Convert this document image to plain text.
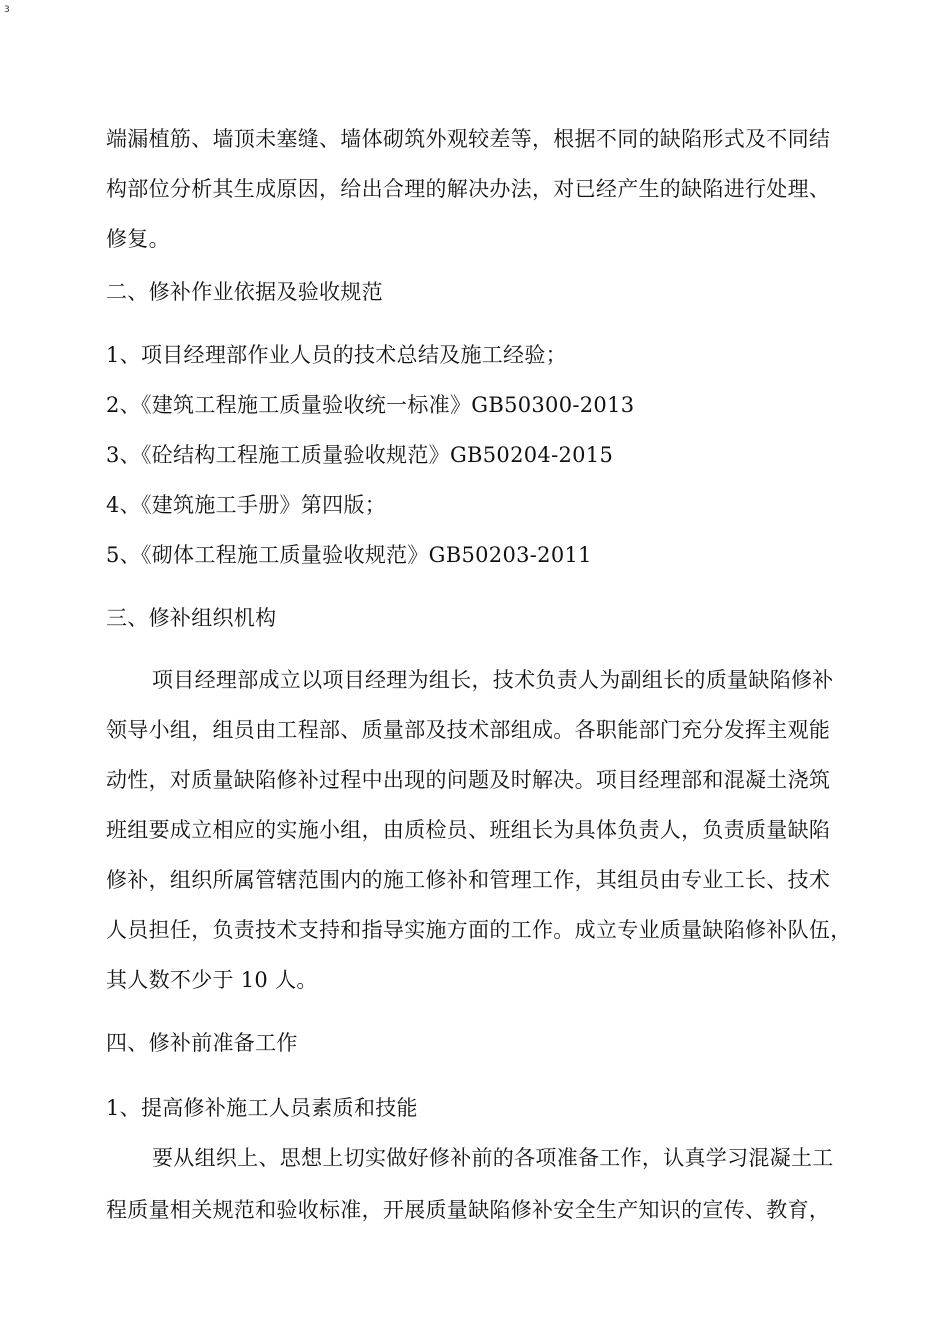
3
端漏植筋、墙顶未塞缝、墙体砌筑外观较差等，根据不同的缺陷形式及不同结
构部位分析其生成原因，给出合理的解决办法，对已经产生的缺陷进行处理、
修复。
二、修补作业依据及验收规范
1、项目经理部作业人员的技术总结及施工经验；
2、《建筑工程施工质量验收统一标准》GB50300-2013
3、《砼结构工程施工质量验收规范》GB50204-2015
4、《建筑施工手册》第四版；
5、《砌体工程施工质量验收规范》GB50203-2011
三、修补组织机构
项目经理部成立以项目经理为组长，技术负责人为副组长的质量缺陷修补
领导小组，组员由工程部、质量部及技术部组成。各职能部门充分发挥主观能
动性，对质量缺陷修补过程中出现的问题及时解决。项目经理部和混凝土浇筑
班组要成立相应的实施小组，由质检员、班组长为具体负责人，负责质量缺陷
修补，组织所属管辖范围内的施工修补和管理工作，其组员由专业工长、技术
人员担任，负责技术支持和指导实施方面的工作。成立专业质量缺陷修补队伍，
其人数不少于 10 人。
四、修补前准备工作
1、提高修补施工人员素质和技能
要从组织上、思想上切实做好修补前的各项准备工作，认真学习混凝土工
程质量相关规范和验收标准，开展质量缺陷修补安全生产知识的宣传、教育，
